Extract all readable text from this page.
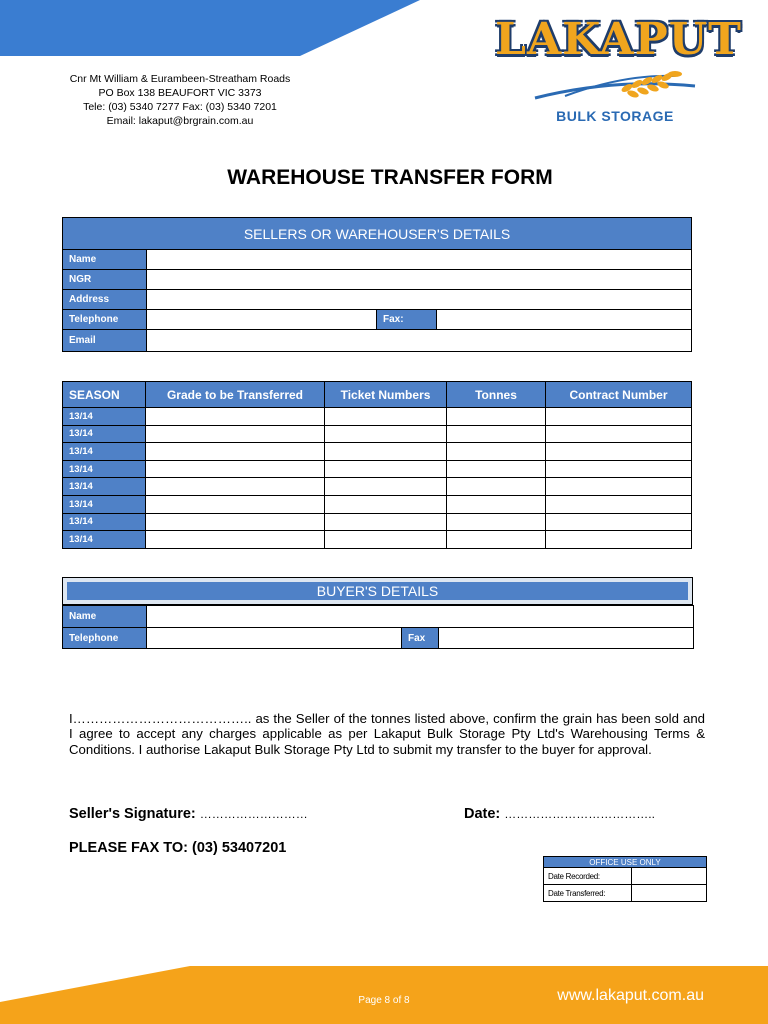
Cnr Mt William & Eurambeen-Streatham Roads
PO Box 138 BEAUFORT VIC 3373
Tele: (03) 5340 7277 Fax: (03) 5340 7201
Email: lakaput@brgrain.com.au
LAKAPUT
BULK STORAGE
WAREHOUSE TRANSFER FORM
SELLERS OR WAREHOUSER'S DETAILS			
Name			
NGR			
Address			
Telephone		Fax:	
Email			
SEASON	Grade to be Transferred	Ticket Numbers	Tonnes	Contract Number
13/14				
13/14				
13/14				
13/14				
13/14				
13/14				
13/14				
13/14				
BUYER'S DETAILS
Name			
Telephone		Fax	
I………………………………….. as the Seller of the tonnes listed above, confirm the grain has been sold and I agree to accept any charges applicable as per Lakaput Bulk Storage Pty Ltd's Warehousing Terms & Conditions. I authorise Lakaput Bulk Storage Pty Ltd to submit my transfer to the buyer for approval.
Seller's Signature: ………………………	Date: ………………………………..
PLEASE FAX TO: (03) 53407201
OFFICE USE ONLY	
Date Recorded:	
Date Transferred:	
Page 8 of 8	www.lakaput.com.au
